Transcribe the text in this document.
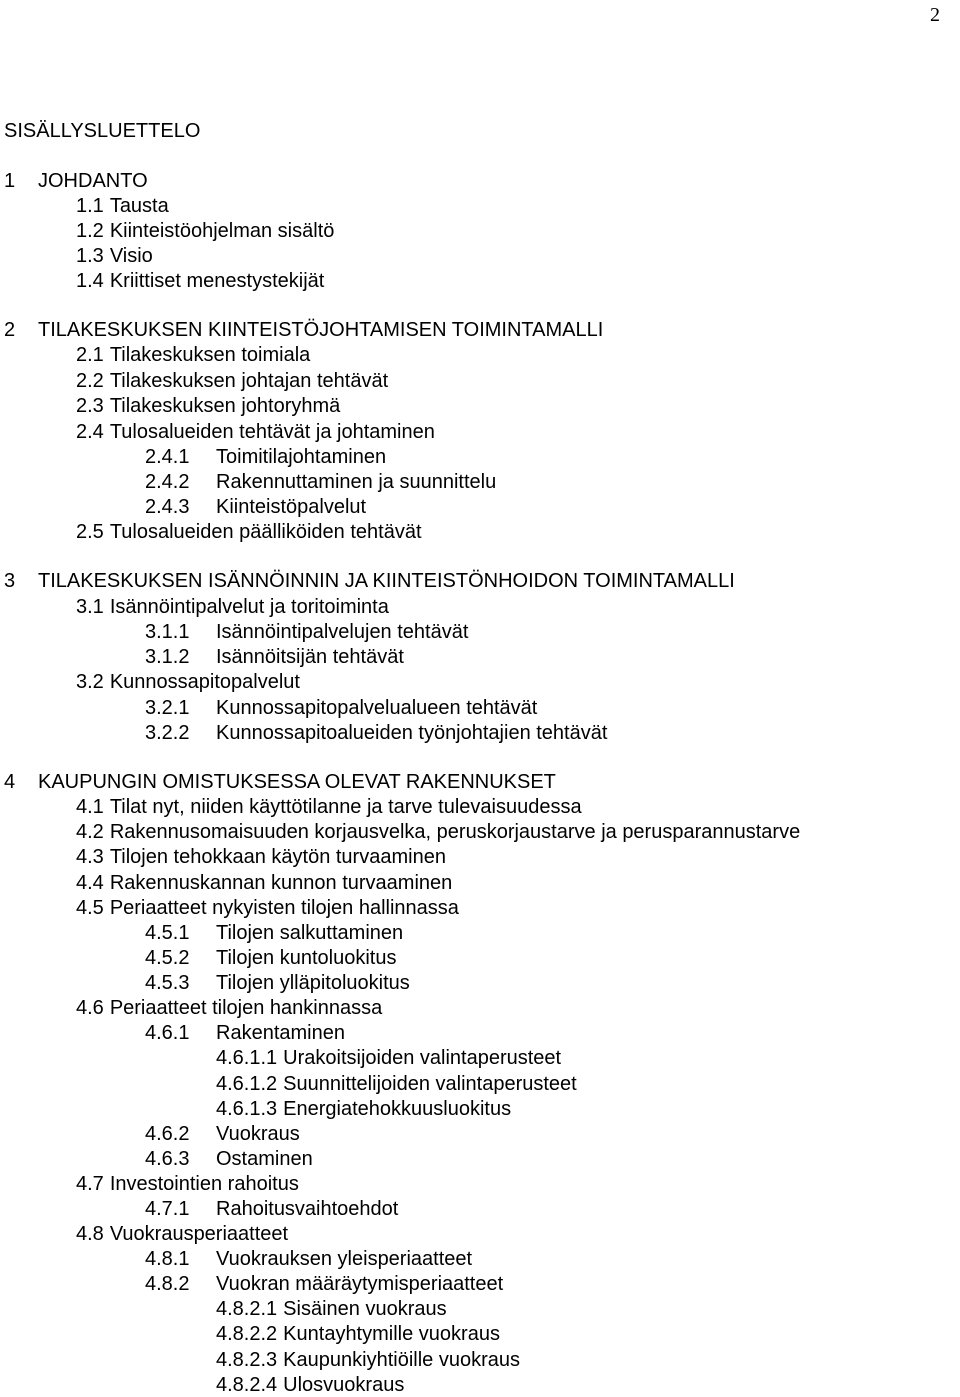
2
SISÄLLYSLUETTELO
1 JOHDANTO
1.1 Tausta
1.2 Kiinteistöohjelman sisältö
1.3 Visio
1.4 Kriittiset menestystekijät
2 TILAKESKUKSEN KIINTEISTÖJOHTAMISEN TOIMINTAMALLI
2.1 Tilakeskuksen toimiala
2.2 Tilakeskuksen johtajan tehtävät
2.3 Tilakeskuksen johtoryhmä
2.4 Tulosalueiden tehtävät ja johtaminen
2.4.1 Toimitilajohtaminen
2.4.2 Rakennuttaminen ja suunnittelu
2.4.3 Kiinteistöpalvelut
2.5 Tulosalueiden päälliköiden tehtävät
3 TILAKESKUKSEN ISÄNNÖINNIN JA KIINTEISTÖNHOIDON TOIMINTAMALLI
3.1 Isännöintipalvelut ja toritoiminta
3.1.1 Isännöintipalvelujen tehtävät
3.1.2 Isännöitsijän tehtävät
3.2 Kunnossapitopalvelut
3.2.1 Kunnossapitopalvelualueen tehtävät
3.2.2 Kunnossapitoalueiden työnjohtajien tehtävät
4 KAUPUNGIN OMISTUKSESSA OLEVAT RAKENNUKSET
4.1 Tilat nyt, niiden käyttötilanne ja tarve tulevaisuudessa
4.2 Rakennusomaisuuden korjausvelka, peruskorjaustarve ja perusparannustarve
4.3 Tilojen tehokkaan käytön turvaaminen
4.4 Rakennuskannan kunnon turvaaminen
4.5 Periaatteet nykyisten tilojen hallinnassa
4.5.1 Tilojen salkuttaminen
4.5.2 Tilojen kuntoluokitus
4.5.3 Tilojen ylläpitoluokitus
4.6 Periaatteet tilojen hankinnassa
4.6.1 Rakentaminen
4.6.1.1 Urakoitsijoiden valintaperusteet
4.6.1.2 Suunnittelijoiden valintaperusteet
4.6.1.3 Energiatehokkuusluokitus
4.6.2 Vuokraus
4.6.3 Ostaminen
4.7 Investointien rahoitus
4.7.1 Rahoitusvaihtoehdot
4.8 Vuokrausperiaatteet
4.8.1 Vuokrauksen yleisperiaatteet
4.8.2 Vuokran määräytymisperiaatteet
4.8.2.1 Sisäinen vuokraus
4.8.2.2 Kuntayhtymille vuokraus
4.8.2.3 Kaupunkiyhtiöille vuokraus
4.8.2.4 Ulosvuokraus
